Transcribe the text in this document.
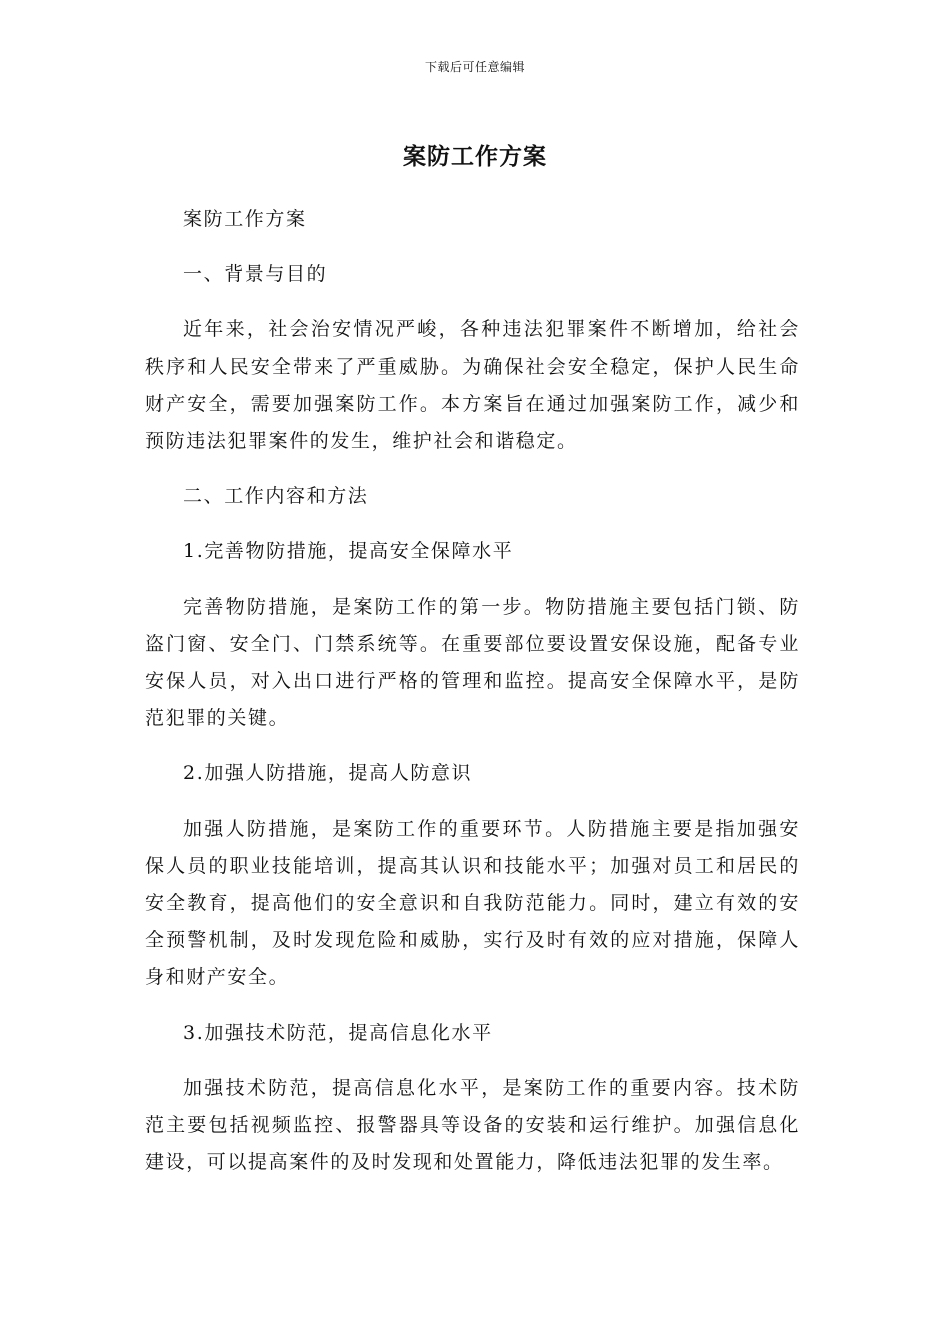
下载后可任意编辑
案防工作方案

案防工作方案

一、背景与目的

近年来，社会治安情况严峻，各种违法犯罪案件不断增加，给社会秩序和人民安全带来了严重威胁。为确保社会安全稳定，保护人民生命财产安全，需要加强案防工作。本方案旨在通过加强案防工作，减少和预防违法犯罪案件的发生，维护社会和谐稳定。

二、工作内容和方法

1.完善物防措施，提高安全保障水平

完善物防措施，是案防工作的第一步。物防措施主要包括门锁、防盗门窗、安全门、门禁系统等。在重要部位要设置安保设施，配备专业安保人员，对入出口进行严格的管理和监控。提高安全保障水平，是防范犯罪的关键。

2.加强人防措施，提高人防意识

加强人防措施，是案防工作的重要环节。人防措施主要是指加强安保人员的职业技能培训，提高其认识和技能水平；加强对员工和居民的安全教育，提高他们的安全意识和自我防范能力。同时，建立有效的安全预警机制，及时发现危险和威胁，实行及时有效的应对措施，保障人身和财产安全。

3.加强技术防范，提高信息化水平

加强技术防范，提高信息化水平，是案防工作的重要内容。技术防范主要包括视频监控、报警器具等设备的安装和运行维护。加强信息化建设，可以提高案件的及时发现和处置能力，降低违法犯罪的发生率。
